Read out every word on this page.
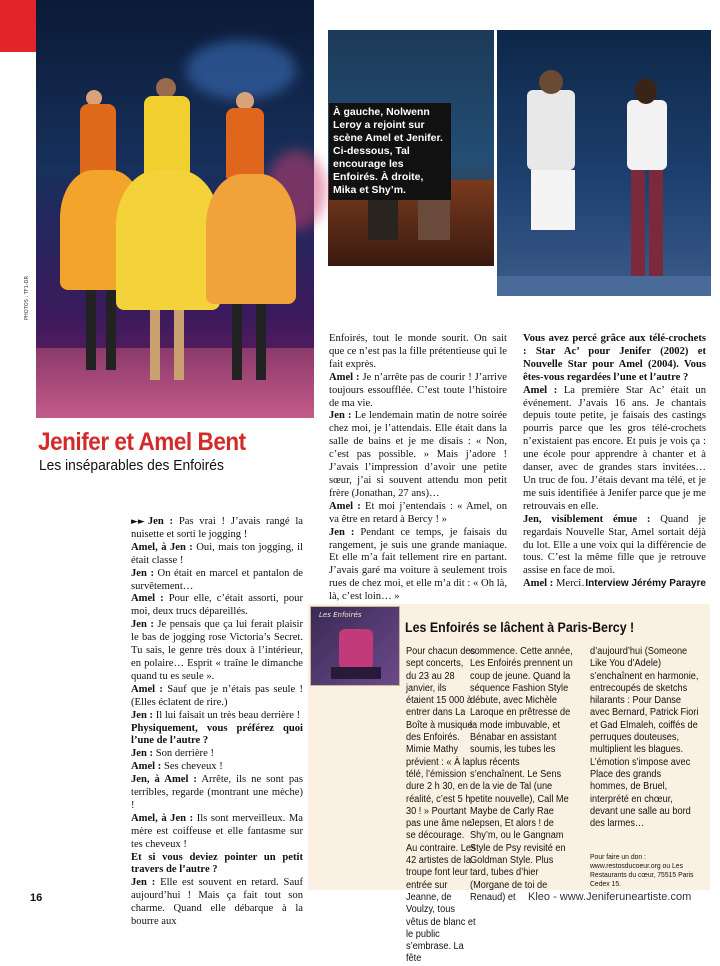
PHOTOS : TF1-DR
À gauche, Nolwenn Leroy a rejoint sur scène Amel et Jenifer. Ci-dessous, Tal encourage les Enfoirés. À droite, Mika et Shy’m.
Jenifer et Amel Bent
Les inséparables des Enfoirés

►► Jen : Pas vrai ! J’avais rangé la nuisette et sorti le jogging !

Amel, à Jen : Oui, mais ton jogging, il était classe !

Jen : On était en marcel et pantalon de survêtement…

Amel : Pour elle, c’était assorti, pour moi, deux trucs dépareillés.

Jen : Je pensais que ça lui ferait plaisir le bas de jogging rose Victoria’s Secret. Tu sais, le genre très doux à l’intérieur, en polaire… Esprit « traîne le dimanche quand tu es seule ».

Amel : Sauf que je n’étais pas seule ! (Elles éclatent de rire.)

Jen : Il lui faisait un très beau derrière !

Physiquement, vous préférez quoi l’une de l’autre ?

Jen : Son derrière !

Amel : Ses cheveux !

Jen, à Amel : Arrête, ils ne sont pas terribles, regarde (montrant une mèche) !

Amel, à Jen : Ils sont merveilleux. Ma mère est coiffeuse et elle fantasme sur tes cheveux !

Et si vous deviez pointer un petit travers de l’autre ?

Jen : Elle est souvent en retard. Sauf aujourd’hui ! Mais ça fait tout son charme. Quand elle débarque à la bourre aux

Enfoirés, tout le monde sourit. On sait que ce n’est pas la fille prétentieuse qui le fait exprès.

Amel : Je n’arrête pas de courir ! J’arrive toujours essoufflée. C’est toute l’histoire de ma vie.

Jen : Le lendemain matin de notre soirée chez moi, je l’attendais. Elle était dans la salle de bains et je me disais : « Non, c’est pas possible. » Mais j’adore ! J’avais l’impression d’avoir une petite sœur, j’ai si souvent attendu mon petit frère (Jonathan, 27 ans)…

Amel : Et moi j’entendais : « Amel, on va être en retard à Bercy ! »

Jen : Pendant ce temps, je faisais du rangement, je suis une grande maniaque. Et elle m’a fait tellement rire en partant. J’avais garé ma voiture à seulement trois rues de chez moi, et elle m’a dit : « Oh là, là, c’est loin… »

Vous avez percé grâce aux télé-crochets : Star Ac’ pour Jenifer (2002) et Nouvelle Star pour Amel (2004). Vous êtes-vous regardées l’une et l’autre ?

Amel : La première Star Ac’ était un événement. J’avais 16 ans. Je chantais depuis toute petite, je faisais des castings pourris parce que les gros télé-crochets n’existaient pas encore. Et puis je vois ça : une école pour apprendre à chanter et à danser, avec de grandes stars invitées… Un truc de fou. J’étais devant ma télé, et je me suis identifiée à Jenifer parce que je me retrouvais en elle.

Jen, visiblement émue : Quand je regardais Nouvelle Star, Amel sortait déjà du lot. Elle a une voix qui la différencie de tous. C’est la même fille que je retrouve assise en face de moi.

Amel : Merci…

Interview Jérémy Parayre
Les Enfoirés
Les Enfoirés se lâchent à Paris-Bercy !
Pour chacun des sept concerts, du 23 au 28 janvier, ils étaient 15 000 à entrer dans La Boîte à musique des Enfoirés. Mimie Mathy prévient : « À la télé, l’émission dure 2 h 30, en réalité, c’est 5 h 30 ! » Pourtant pas une âme ne se décourage. Au contraire. Les 42 artistes de la troupe font leur entrée sur Jeanne, de Voulzy, tous vêtus de blanc et le public s’embrase. La fête
commence. Cette année, Les Enfoirés prennent un coup de jeune. Quand la séquence Fashion Style débute, avec Michèle Laroque en prêtresse de la mode imbuvable, et Bénabar en assistant soumis, les tubes les plus récents s’enchaînent. Le Sens de la vie de Tal (une petite nouvelle), Call Me Maybe de Carly Rae Jepsen, Et alors ! de Shy’m, ou le Gangnam Style de Psy revisité en Goldman Style. Plus tard, tubes d’hier (Morgane de toi de Renaud) et
d’aujourd’hui (Someone Like You d’Adele) s’enchaînent en harmonie, entrecoupés de sketchs hilarants : Pour Danse avec Bernard, Patrick Fiori et Gad Elmaleh, coiffés de perruques douteuses, multiplient les blagues. L’émotion s’impose avec Place des grands hommes, de Bruel, interprété en chœur, devant une salle au bord des larmes…
Pour faire un don : www.restosducoeur.org ou Les Restaurants du cœur, 75515 Paris Cedex 15.
16	Kleo - www.Jeniferuneartiste.com
